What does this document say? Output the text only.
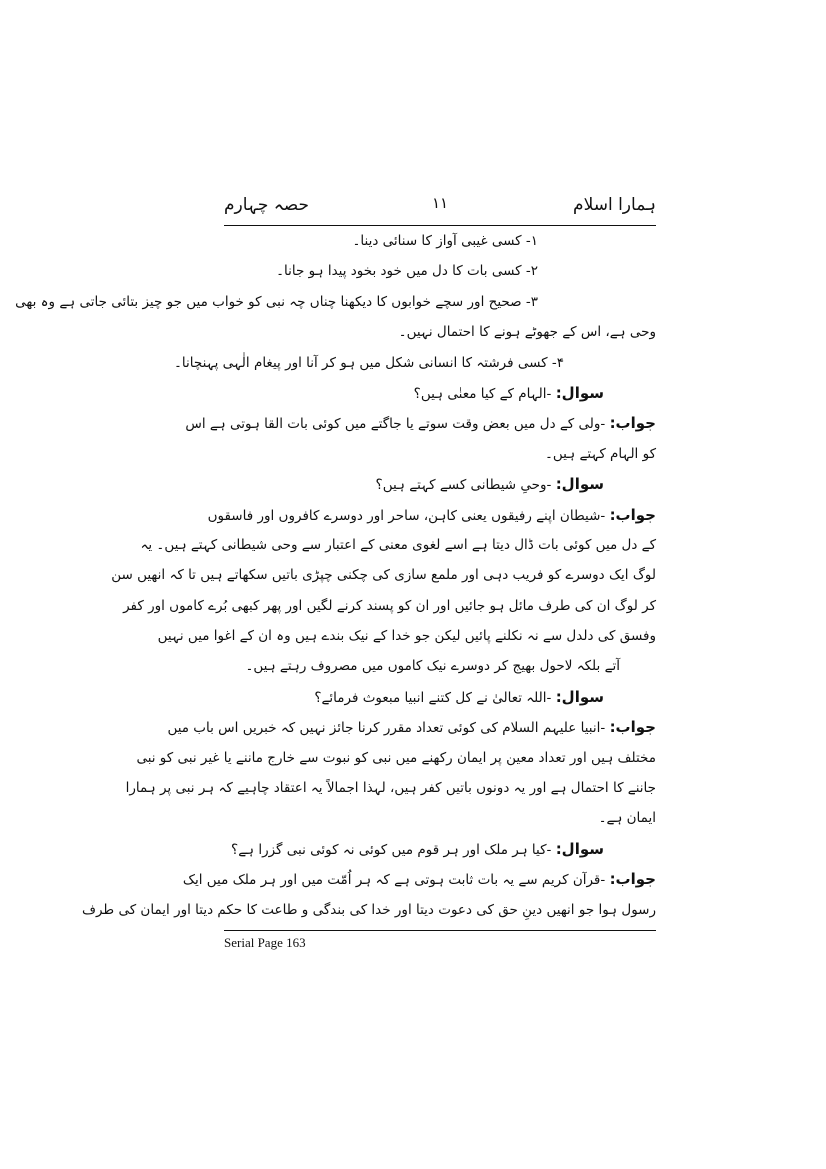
ہمارا اسلام
۱۱
حصہ چہارم
۱- کسی غیبی آواز کا سنائی دینا۔
۲- کسی بات کا دل میں خود بخود پیدا ہو جانا۔
۳- صحیح اور سچے خوابوں کا دیکھنا چناں چہ نبی کو خواب میں جو چیز بتائی جاتی ہے وہ بھی
وحی ہے، اس کے جھوٹے ہونے کا احتمال نہیں۔
۴- کسی فرشتہ کا انسانی شکل میں ہو کر آنا اور پیغام الٰہی پہنچانا۔
سوال: -الہام کے کیا معنٰی ہیں؟
جواب: -ولی کے دل میں بعض وقت سوتے یا جاگتے میں کوئی بات القا ہوتی ہے اس
کو الہام کہتے ہیں۔
سوال: -وحیِ شیطانی کسے کہتے ہیں؟
جواب: -شیطان اپنے رفیقوں یعنی کاہن، ساحر اور دوسرے کافروں اور فاسقوں
کے دل میں کوئی بات ڈال دیتا ہے اسے لغوی معنی کے اعتبار سے وحی شیطانی کہتے ہیں۔ یہ
لوگ ایک دوسرے کو فریب دہی اور ملمع سازی کی چکنی چپڑی باتیں سکھاتے ہیں تا کہ انھیں سن
کر لوگ ان کی طرف مائل ہو جائیں اور ان کو پسند کرنے لگیں اور پھر کبھی بُرے کاموں اور کفر
وفسق کی دلدل سے نہ نکلنے پائیں لیکن جو خدا کے نیک بندے ہیں وہ ان کے اغوا میں نہیں
آتے بلکہ لاحول بھیج کر دوسرے نیک کاموں میں مصروف رہتے ہیں۔
سوال: -اللہ تعالیٰ نے کل کتنے انبیا مبعوث فرمائے؟
جواب: -انبیا علیہم السلام کی کوئی تعداد مقرر کرنا جائز نہیں کہ خبریں اس باب میں
مختلف ہیں اور تعداد معین پر ایمان رکھنے میں نبی کو نبوت سے خارج ماننے یا غیر نبی کو نبی
جاننے کا احتمال ہے اور یہ دونوں باتیں کفر ہیں، لہذا اجمالاً یہ اعتقاد چاہیے کہ ہر نبی پر ہمارا
ایمان ہے۔
سوال: -کیا ہر ملک اور ہر قوم میں کوئی نہ کوئی نبی گزرا ہے؟
جواب: -قرآن کریم سے یہ بات ثابت ہوتی ہے کہ ہر اُمّت میں اور ہر ملک میں ایک
رسول ہوا جو انھیں دینِ حق کی دعوت دیتا اور خدا کی بندگی و طاعت کا حکم دیتا اور ایمان کی طرف
Serial Page 163
